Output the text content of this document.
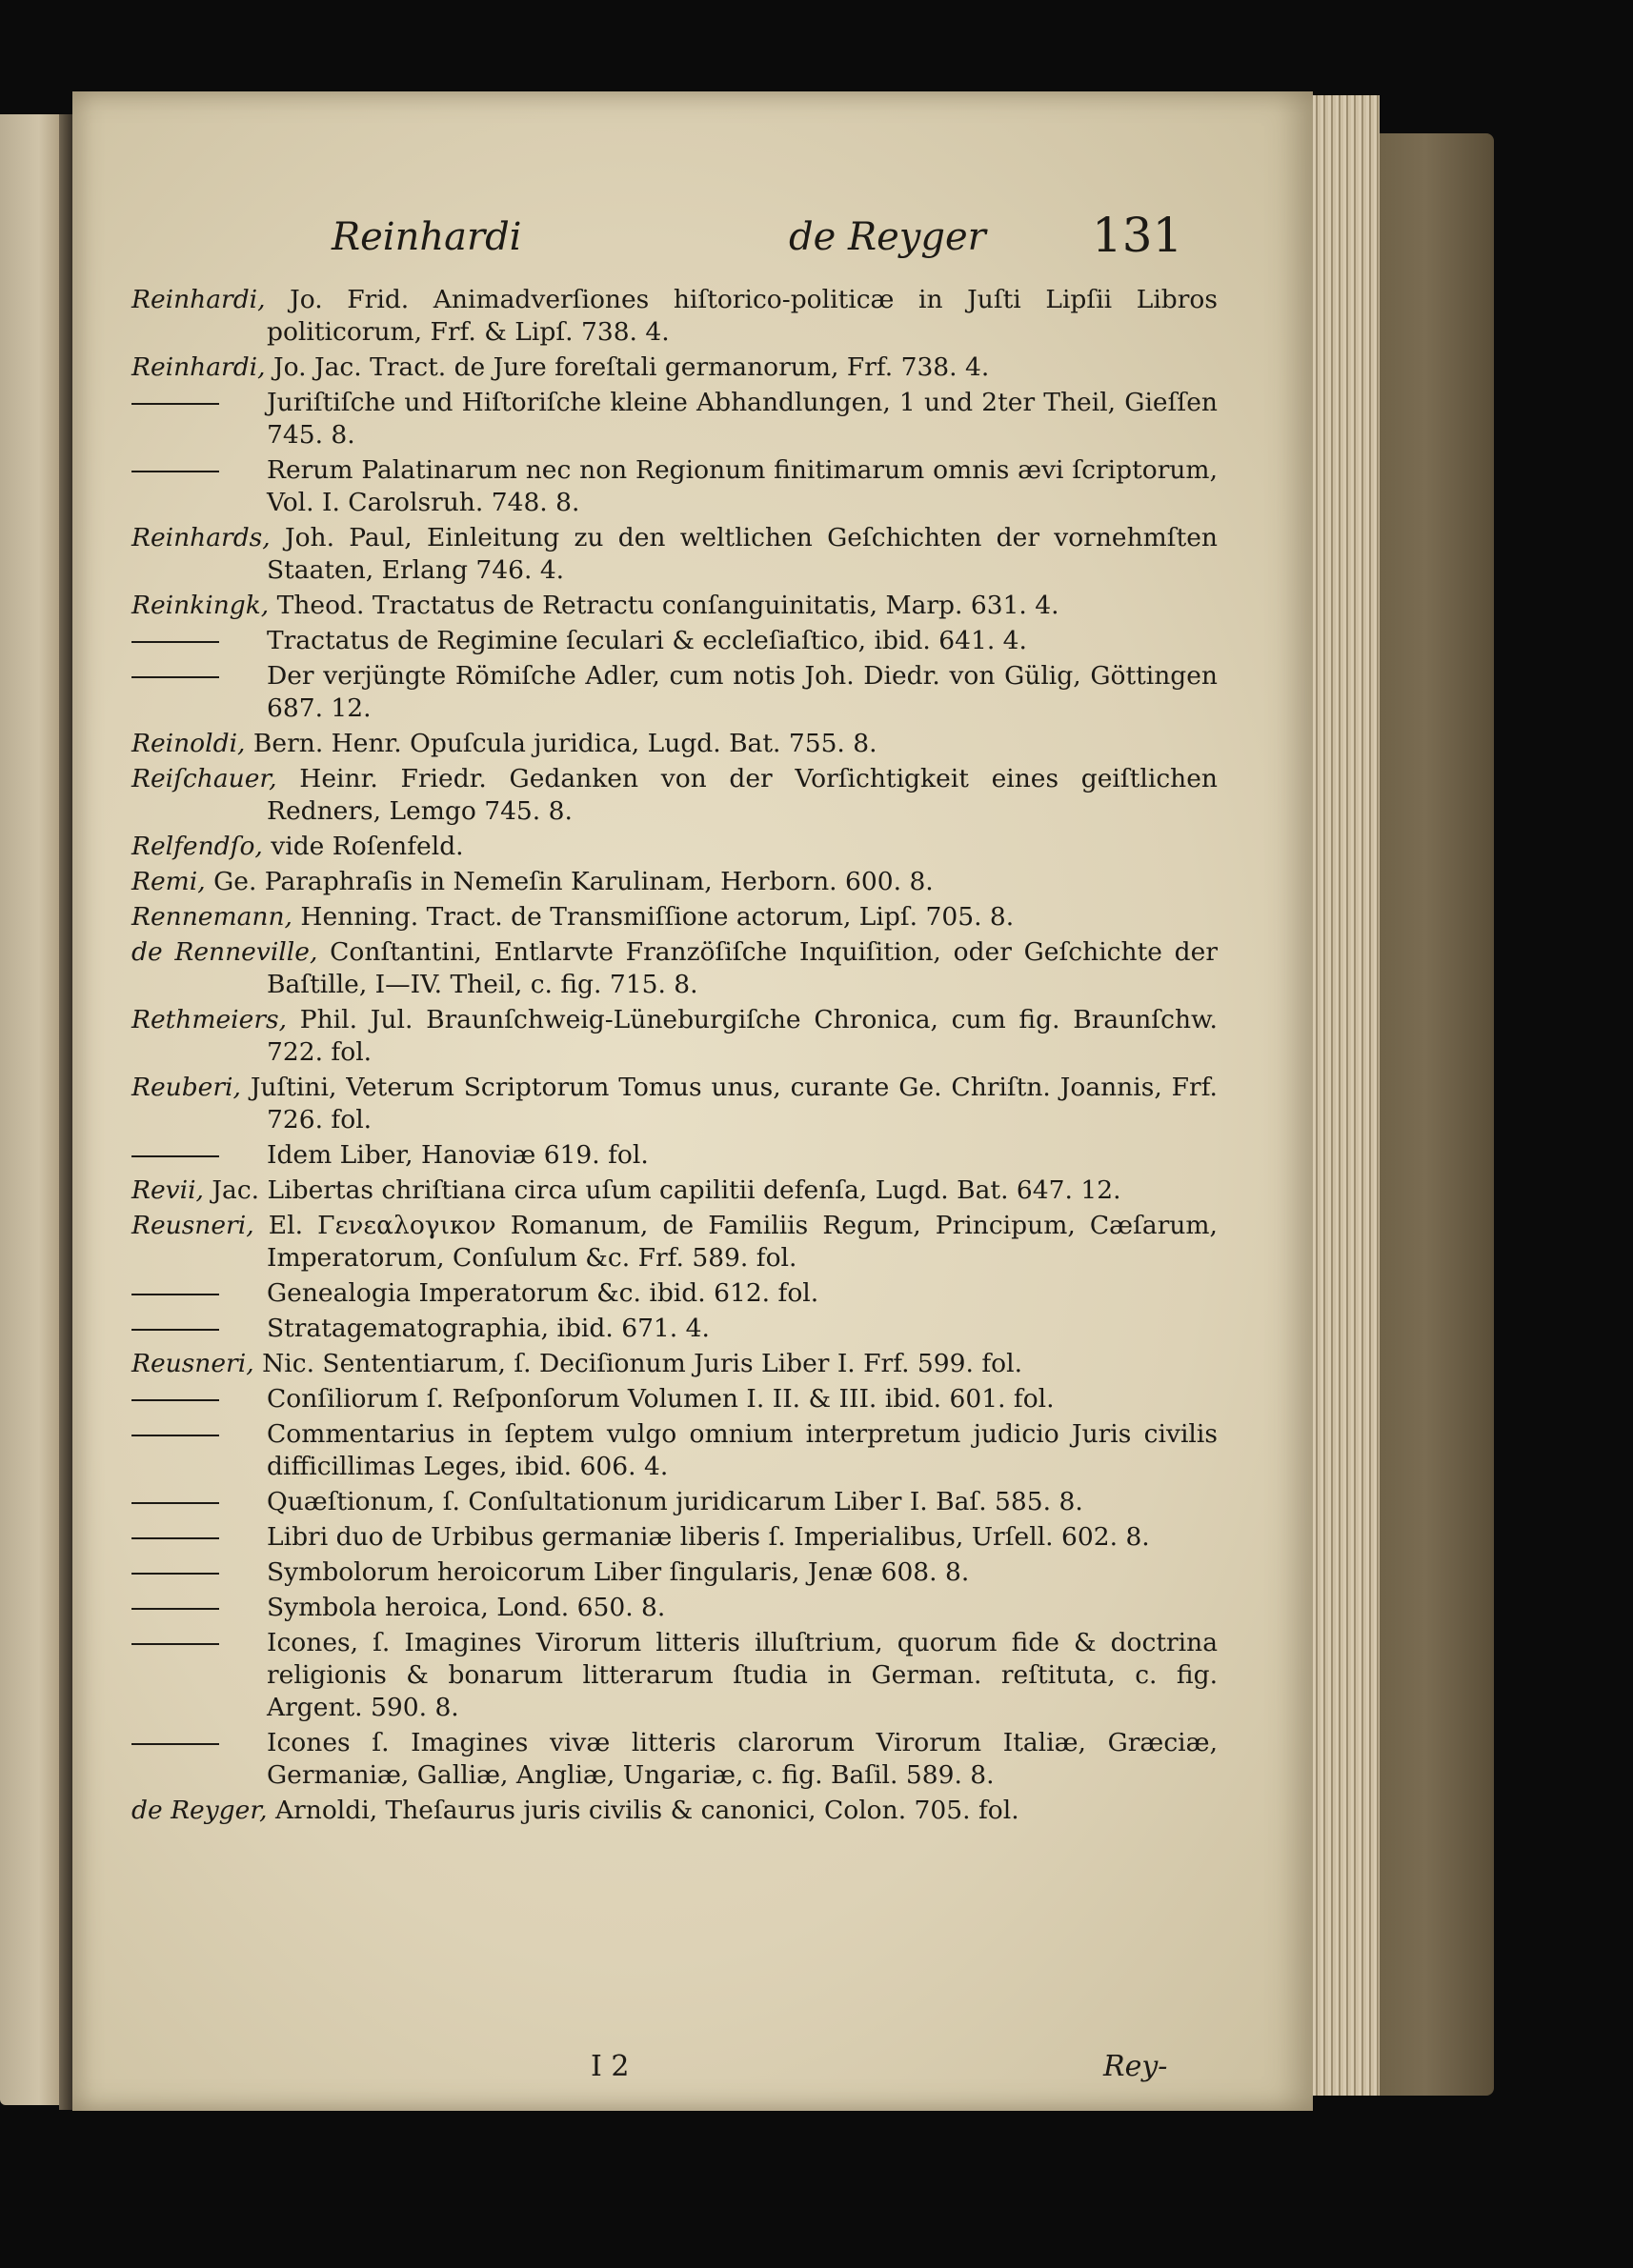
Reinhardi	de Reyger 131

Reinhardi, Jo. Frid. Animadverſiones hiſtorico-politicæ in Juſti Lipſii Libros politicorum, Frf. & Lipſ. 738. 4.

Reinhardi, Jo. Jac. Tract. de Jure foreſtali germanorum, Frf. 738. 4.

Juriſtiſche und Hiſtoriſche kleine Abhandlungen, 1 und 2ter Theil, Gieſſen 745. 8.

Rerum Palatinarum nec non Regionum finitimarum omnis ævi ſcriptorum, Vol. I. Carolsruh. 748. 8.

Reinhards, Joh. Paul, Einleitung zu den weltlichen Geſchichten der vornehmſten Staaten, Erlang 746. 4.

Reinkingk, Theod. Tractatus de Retractu conſanguinitatis, Marp. 631. 4.

Tractatus de Regimine ſeculari & eccleſiaſtico, ibid. 641. 4.

Der verjüngte Römiſche Adler, cum notis Joh. Diedr. von Gülig, Göttingen 687. 12.

Reinoldi, Bern. Henr. Opuſcula juridica, Lugd. Bat. 755. 8.

Reiſchauer, Heinr. Friedr. Gedanken von der Vorſichtigkeit eines geiſtlichen Redners, Lemgo 745. 8.

Relfendſo, vide Roſenfeld.

Remi, Ge. Paraphraſis in Nemeſin Karulinam, Herborn. 600. 8.

Rennemann, Henning. Tract. de Transmiſſione actorum, Lipſ. 705. 8.

de Renneville, Conſtantini, Entlarvte Franzöſiſche Inquiſition, oder Geſchichte der Baſtille, I—IV. Theil, c. fig. 715. 8.

Rethmeiers, Phil. Jul. Braunſchweig-Lüneburgiſche Chronica, cum fig. Braunſchw. 722. fol.

Reuberi, Juſtini, Veterum Scriptorum Tomus unus, curante Ge. Chriſtn. Joannis, Frf. 726. fol.

Idem Liber, Hanoviæ 619. fol.

Revii, Jac. Libertas chriſtiana circa uſum capilitii defenſa, Lugd. Bat. 647. 12.

Reusneri, El. Γενεαλογικον Romanum, de Familiis Regum, Principum, Cæſarum, Imperatorum, Conſulum &c. Frf. 589. fol.

Genealogia Imperatorum &c. ibid. 612. fol.

Stratagematographia, ibid. 671. 4.

Reusneri, Nic. Sententiarum, ſ. Deciſionum Juris Liber I. Frf. 599. fol.

Conſiliorum ſ. Reſponſorum Volumen I. II. & III. ibid. 601. fol.

Commentarius in ſeptem vulgo omnium interpretum judicio Juris civilis difficillimas Leges, ibid. 606. 4.

Quæſtionum, ſ. Conſultationum juridicarum Liber I. Baſ. 585. 8.

Libri duo de Urbibus germaniæ liberis ſ. Imperialibus, Urſell. 602. 8.

Symbolorum heroicorum Liber ſingularis, Jenæ 608. 8.

Symbola heroica, Lond. 650. 8.

Icones, ſ. Imagines Virorum litteris illuſtrium, quorum fide & doctrina religionis & bonarum litterarum ſtudia in German. reſtituta, c. fig. Argent. 590. 8.

Icones ſ. Imagines vivæ litteris clarorum Virorum Italiæ, Græciæ, Germaniæ, Galliæ, Angliæ, Ungariæ, c. fig. Baſil. 589. 8.

de Reyger, Arnoldi, Theſaurus juris civilis & canonici, Colon. 705. fol.

I 2	Rey-
